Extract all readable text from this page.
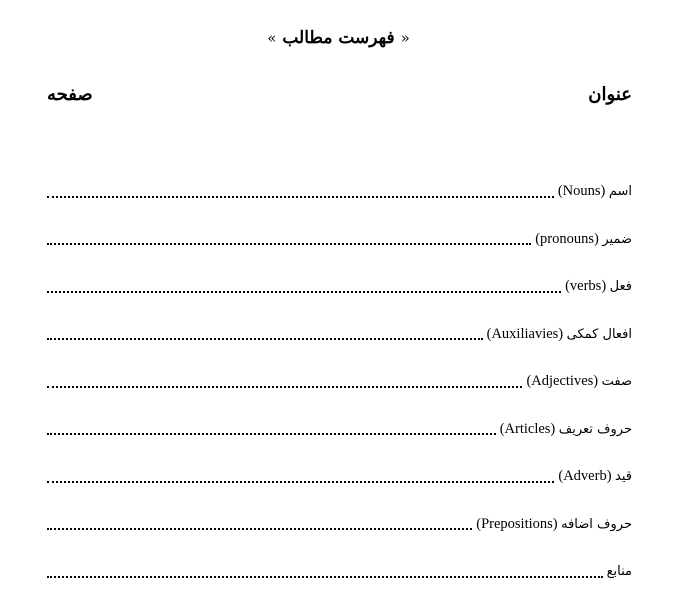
« فهرست مطالب »
عنوان
صفحه
اسم (Nouns)
ضمیر (pronouns)
فعل (verbs)
افعال کمکی (Auxiliavies)
صفت (Adjectives)
حروف تعریف (Articles)
قید (Adverb)
حروف اضافه (Prepositions)
منابع
